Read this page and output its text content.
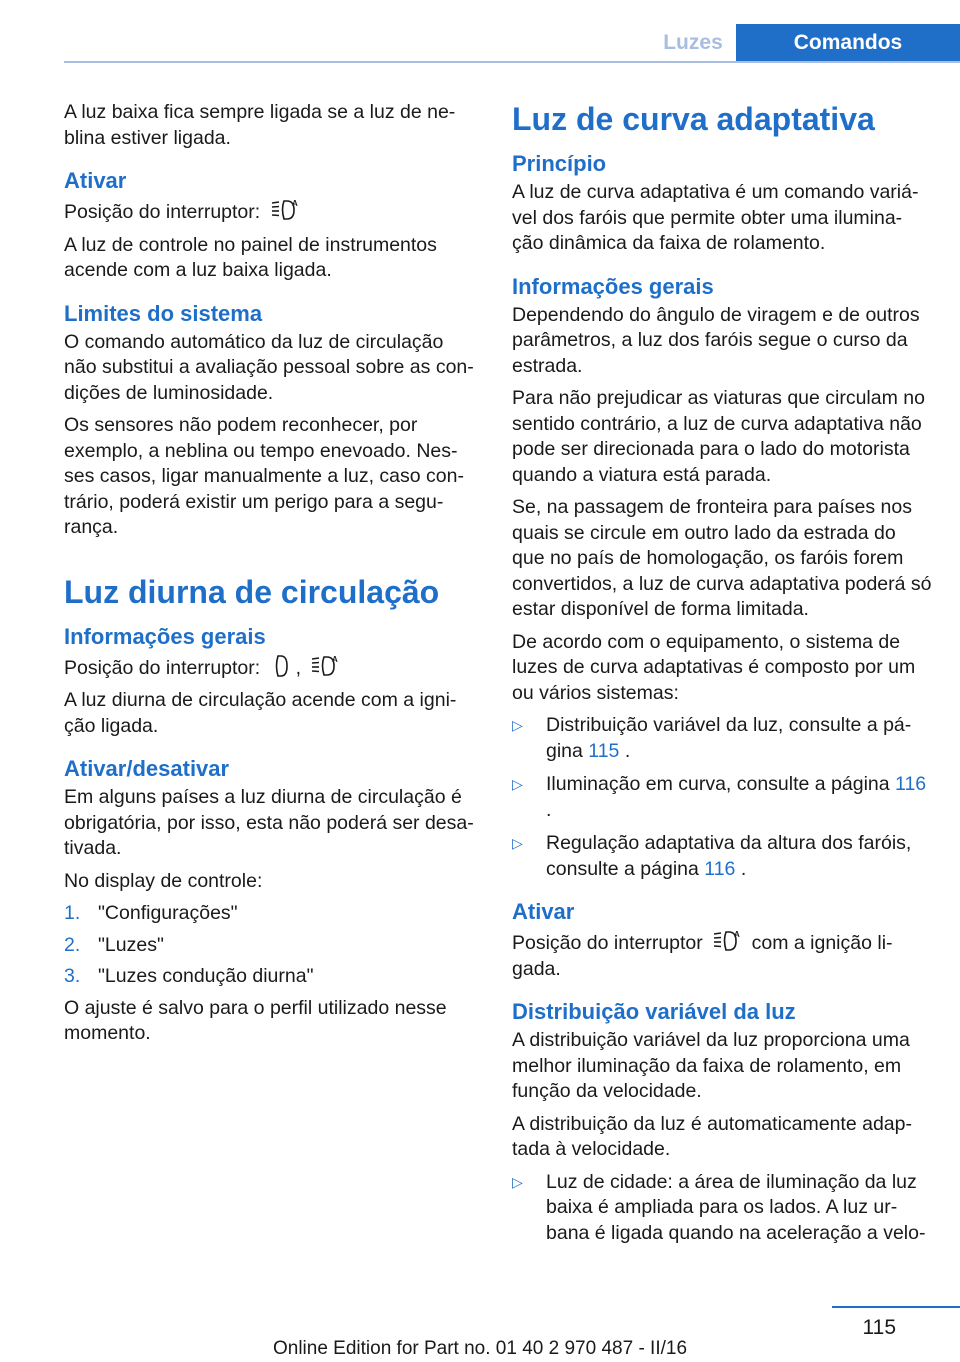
Luzes	Comandos

A luz baixa fica sempre ligada se a luz de ne-blina estiver ligada.

Ativar

Posição do interruptor:	A

A luz de controle no painel de instrumentos acende com a luz baixa ligada.

Limites do sistema

O comando automático da luz de circulação não substitui a avaliação pessoal sobre as con-dições de luminosidade.

Os sensores não podem reconhecer, por exemplo, a neblina ou tempo enevoado. Nes-ses casos, ligar manualmente a luz, caso con-trário, poderá existir um perigo para a segu-rança.

Luz diurna de circulação
Informações gerais

Posição do interruptor: ,	A

A luz diurna de circulação acende com a igni-ção ligada.

Ativar/desativar

Em alguns países a luz diurna de circulação é obrigatória, por isso, esta não poderá ser desa-tivada.

No display de controle:

1. "Configurações"
2. "Luzes"
3. "Luzes condução diurna"

O ajuste é salvo para o perfil utilizado nesse momento.

Luz de curva adaptativa
Princípio

A luz de curva adaptativa é um comando variá-vel dos faróis que permite obter uma ilumina-ção dinâmica da faixa de rolamento.

Informações gerais

Dependendo do ângulo de viragem e de outros parâmetros, a luz dos faróis segue o curso da estrada.

Para não prejudicar as viaturas que circulam no sentido contrário, a luz de curva adaptativa não pode ser direcionada para o lado do motorista quando a viatura está parada.

Se, na passagem de fronteira para países nos quais se circule em outro lado da estrada do que no país de homologação, os faróis forem convertidos, a luz de curva adaptativa poderá só estar disponível de forma limitada.

De acordo com o equipamento, o sistema de luzes de curva adaptativas é composto por um ou vários sistemas:

▷ Distribuição variável da luz, consulte a pá-gina 115 .
▷ Iluminação em curva, consulte a página 116 .
▷ Regulação adaptativa da altura dos faróis, consulte a página 116 .
Ativar

Posição do interruptor	A com a ignição li-gada.

Distribuição variável da luz

A distribuição variável da luz proporciona uma melhor iluminação da faixa de rolamento, em função da velocidade.

A distribuição da luz é automaticamente adap-tada à velocidade.

▷ Luz de cidade: a área de iluminação da luz baixa é ampliada para os lados. A luz ur-bana é ligada quando na aceleração a velo-
115
Online Edition for Part no. 01 40 2 970 487 - II/16
